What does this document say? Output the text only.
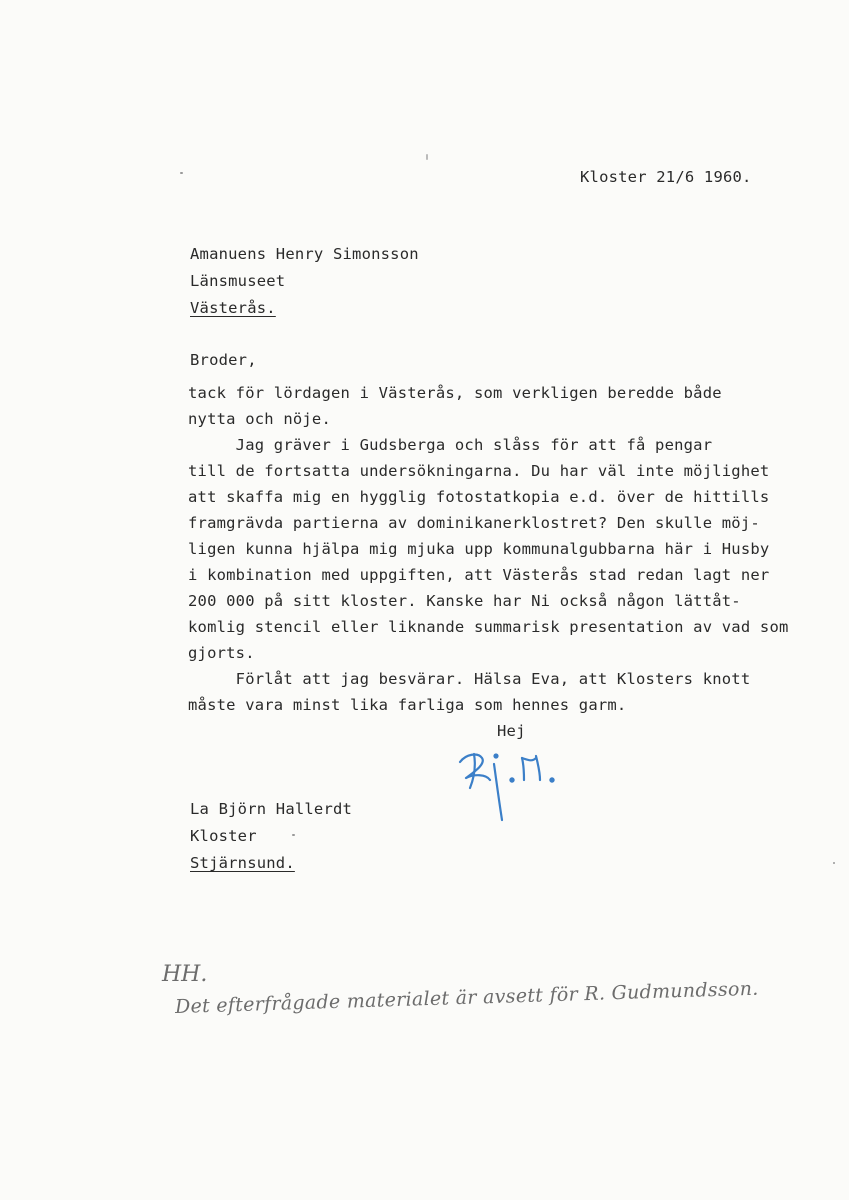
Kloster 21/6 1960.
Amanuens Henry Simonsson
Länsmuseet
Västerås.
Broder,
tack för lördagen i Västerås, som verkligen beredde både
nytta och nöje.
Jag gräver i Gudsberga och slåss för att få pengar
till de fortsatta undersökningarna. Du har väl inte möjlighet
att skaffa mig en hygglig fotostatkopia e.d. över de hittills
framgrävda partierna av dominikanerklostret? Den skulle möj-
ligen kunna hjälpa mig mjuka upp kommunalgubbarna här i Husby
i kombination med uppgiften, att Västerås stad redan lagt ner
200 000 på sitt kloster. Kanske har Ni också någon lättåt-
komlig stencil eller liknande summarisk presentation av vad som
gjorts.
Förlåt att jag besvärar. Hälsa Eva, att Klosters knott
måste vara minst lika farliga som hennes garm.
Hej
La Björn Hallerdt
Kloster
Stjärnsund.
HH.
Det efterfrågade materialet är avsett för R. Gudmundsson.
